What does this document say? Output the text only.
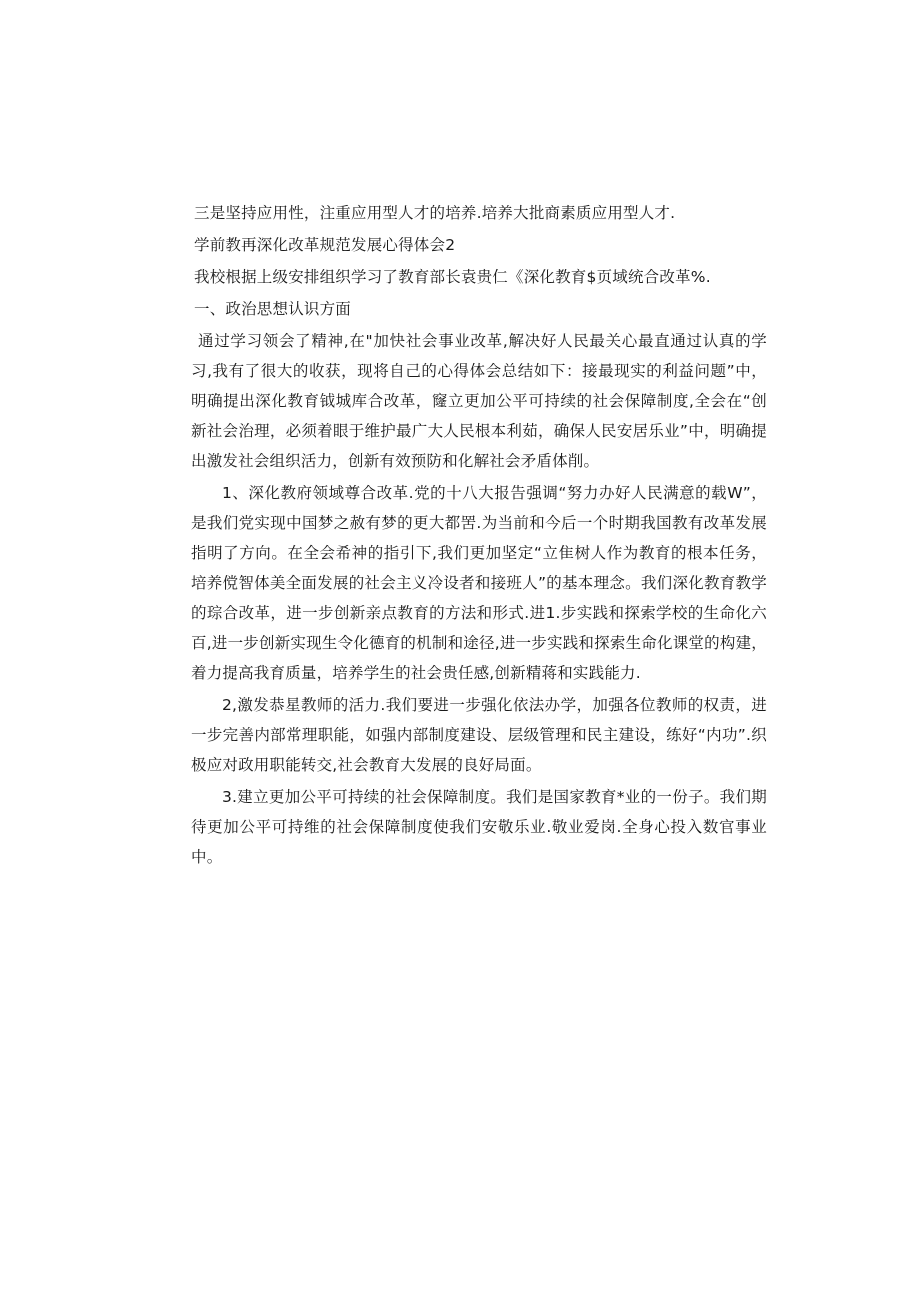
三是坚持应用性，注重应用型人才的培养.培养大批商素质应用型人才.

学前教再深化改革规范发展心得体会2

我校根据上级安排组织学习了教育部长袁贵仁《深化教育$页域统合改革%.

一、政治思想认识方面

通过学习领会了精神,在"加快社会事业改革,解决好人民最关心最直通过认真的学习,我有了很大的收获，现将自己的心得体会总结如下：接最现实的利益问题”中，明确提出深化教育钺城库合改革，窿立更加公平可持续的社会保障制度,全会在“创新社会治理，必须着眼于维护最广大人民根本利茹，确保人民安居乐业”中，明确提出激发社会组织活力，创新有效预防和化解社会矛盾体削。

1、深化教府领域尊合改革.党的十八大报告强调“努力办好人民满意的载W”，是我们党实现中国梦之赦有梦的更大都罟.为当前和今后一个时期我国教有改革发展指明了方向。在全会希神的指引下,我们更加坚定“立隹树人作为教育的根本任务，培养傥智体美全面发展的社会主义冷设者和接班人”的基本理念。我们深化教育教学的琮合改革，进一步创新亲点教育的方法和形式.进1.步实践和探索学校的生命化六百,进一步创新实现生令化德育的机制和途径,进一步实践和探索生命化课堂的构建，着力提高我育质量，培养学生的社会贵任感,创新精蒋和实践能力.

2,激发恭星教师的活力.我们要进一步强化依法办学，加强各位教师的权责，进一步完善内部常理职能，如强内部制度建设、层级管理和民主建设，练好“内功”.织极应对政用职能转交,社会教育大发展的良好局面。

3.建立更加公平可持续的社会保障制度。我们是国家教育*业的一份子。我们期待更加公平可持维的社会保障制度使我们安敬乐业.敬业爱岗.全身心投入数官事业中。
